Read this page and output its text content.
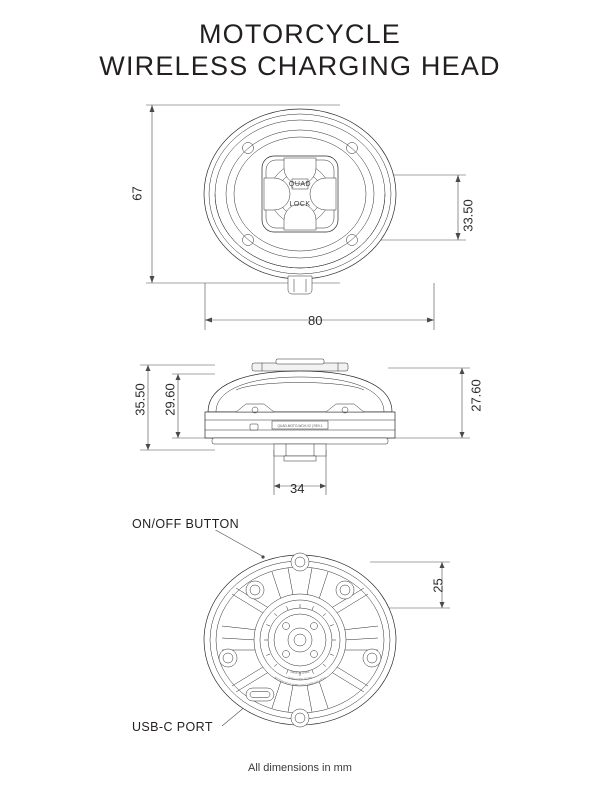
MOTORCYCLE
WIRELESS CHARGING HEAD
QUAD
LOCK
67
80
33.50
QUAD-MOTO-WCH-V2 | REV.1
35.50 29.60	27.60
34
MADE IN CHINA
QUAD LOCK 12V/2A
MOTORCYCLE WIRELESS CHARGING HEAD
25
ON/OFF BUTTON
USB-C PORT
All dimensions in mm
